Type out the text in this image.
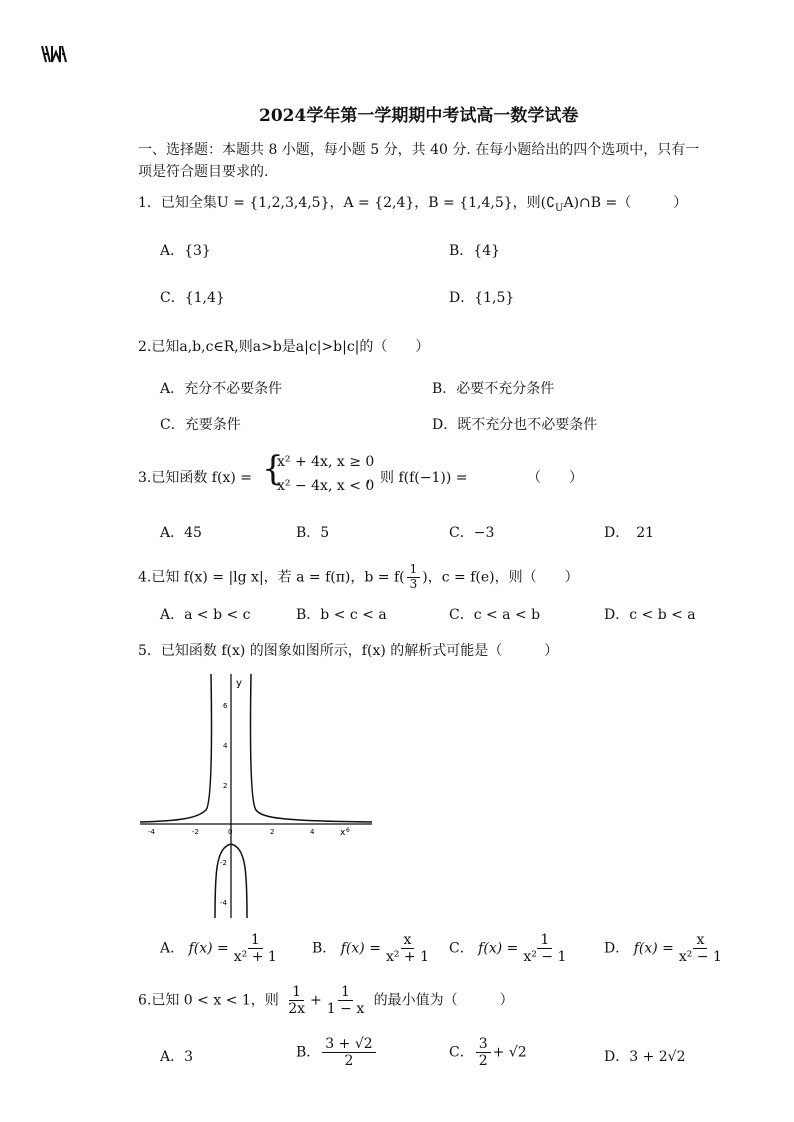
2024学年第一学期期中考试高一数学试卷
一、选择题：本题共 8 小题，每小题 5 分，共 40 分. 在每小题给出的四个选项中，只有一
项是符合题目要求的.
1．已知全集U = {1,2,3,4,5}，A = {2,4}，B = {1,4,5}，则$(∁_UA)\cap B$ =（　　　）
A．{3}	B．{4}
C．{1,4}	D．{1,5}
2.已知a,b,c∈R,则a>b是a|c|>b|c|的（　　）
A．充分不必要条件	B．必要不充分条件
C．充要条件	D．既不充分也不必要条件
3.已知函数 f(x) = {
x² + 4x, x ≥ 0
x² − 4x, x < 0
，则 f(f(−1)) =	（　　）
A．45	B．5	C．−3	D．　21
4.已知 f(x) = |lg x|，若 a = f(π)，$b = f( \frac{1}{3}$ )，c = f(e)，则（　　）
A．a < b < c	B．b < c < a	C．c < a < b	D．c < b < a
5．已知函数 f(x) 的图象如图所示，f(x) 的解析式可能是（　　　）
y
x
6
4
2
-2
-4
-4	-2	0	2	4	6
A． $f(x) = \frac{1}{\text{x² + 1}}$ B． $f(x) = \frac{x}{\text{x² + 1}}$ C． $f(x) = \frac{1}{\text{x² − 1}}$ D． $f(x) = \frac{x}{\text{x² − 1}}$
6.已知 0 < x < 1，则 $\frac{1}{2x} + \frac{1}{1 - x}$ 的最小值为（　　　）
A．3	B． $\frac{3 + √2}{2}$	C． $\frac{3}{2} + √2$	D．3 + 2√2
